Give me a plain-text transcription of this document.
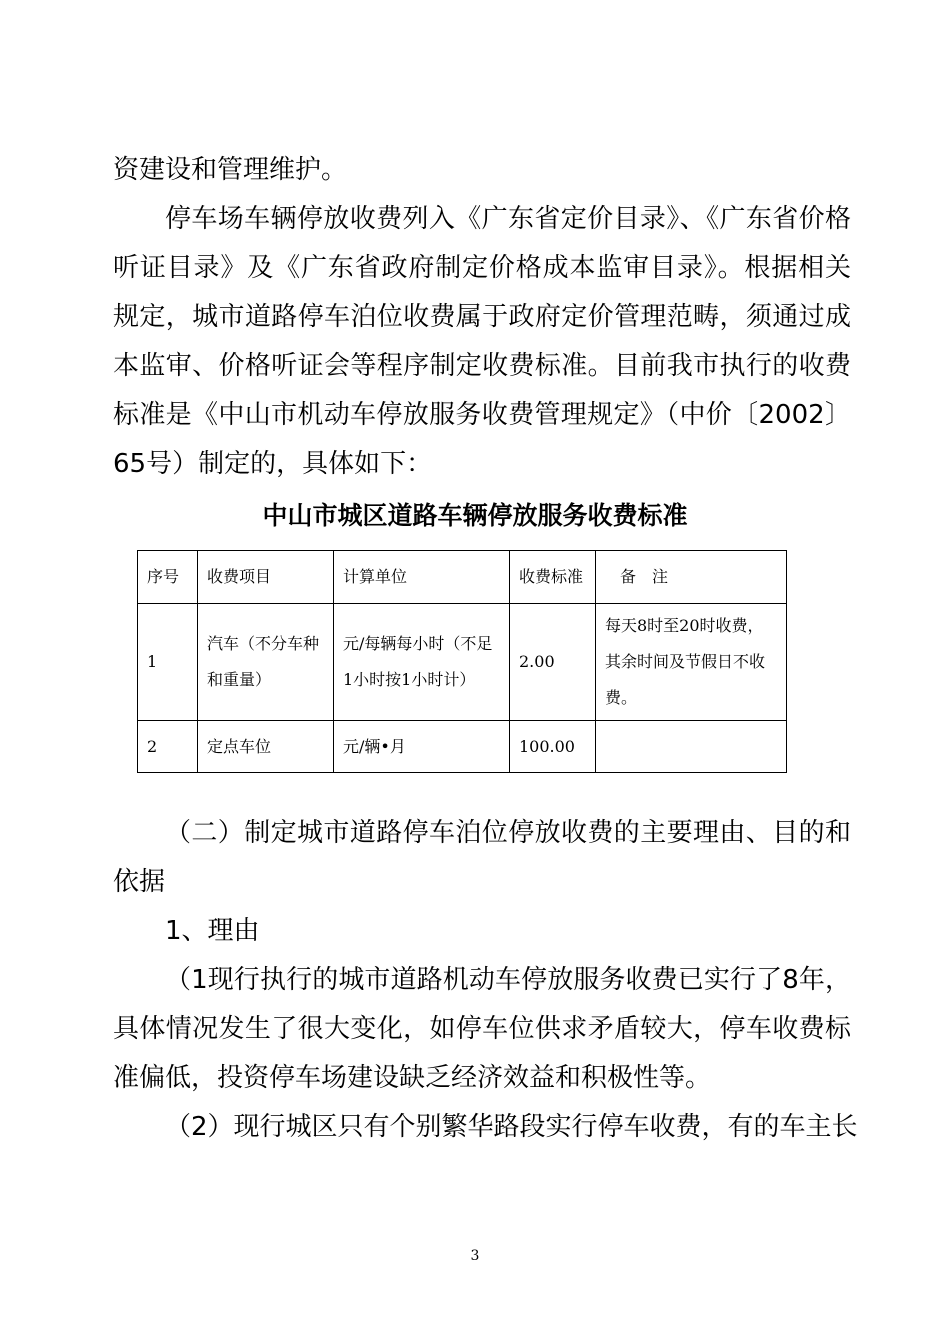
资建设和管理维护。

停车场车辆停放收费列入《广东省定价目录》、《广东省价格听证目录》及《广东省政府制定价格成本监审目录》。根据相关规定，城市道路停车泊位收费属于政府定价管理范畴，须通过成本监审、价格听证会等程序制定收费标准。目前我市执行的收费标准是《中山市机动车停放服务收费管理规定》（中价〔2002〕65号）制定的，具体如下：

中山市城区道路车辆停放服务收费标准
序号	收费项目	计算单位	收费标准	备　注
1	汽车（不分车种和重量）	元/每辆每小时（不足1小时按1小时计）	2.00	每天8时至20时收费，其余时间及节假日不收费。
2	定点车位	元/辆•月	100.00	

（二）制定城市道路停车泊位停放收费的主要理由、目的和依据

1、理由

（1现行执行的城市道路机动车停放服务收费已实行了8年，具体情况发生了很大变化，如停车位供求矛盾较大，停车收费标准偏低，投资停车场建设缺乏经济效益和积极性等。

（2）现行城区只有个别繁华路段实行停车收费，有的车主长

3
